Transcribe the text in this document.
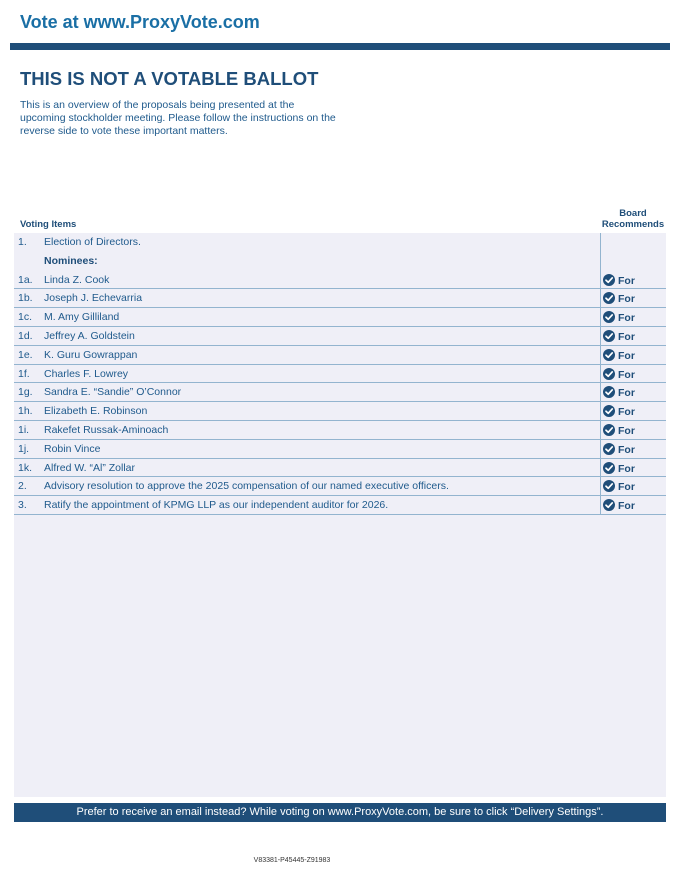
Vote at www.ProxyVote.com
THIS IS NOT A VOTABLE BALLOT
This is an overview of the proposals being presented at the upcoming stockholder meeting. Please follow the instructions on the reverse side to vote these important matters.
Voting Items
Board
Recommends
1. Election of Directors.
Nominees:
1a. Linda Z. Cook	For
1b. Joseph J. Echevarria	For
1c. M. Amy Gilliland	For
1d. Jeffrey A. Goldstein	For
1e. K. Guru Gowrappan	For
1f. Charles F. Lowrey	For
1g. Sandra E. “Sandie” O’Connor	For
1h. Elizabeth E. Robinson	For
1i. Rakefet Russak-Aminoach	For
1j. Robin Vince	For
1k. Alfred W. “Al” Zollar	For
2. Advisory resolution to approve the 2025 compensation of our named executive officers.	For
3. Ratify the appointment of KPMG LLP as our independent auditor for 2026.	For
Prefer to receive an email instead? While voting on www.ProxyVote.com, be sure to click “Delivery Settings”.
V83381-P45445-Z91983
